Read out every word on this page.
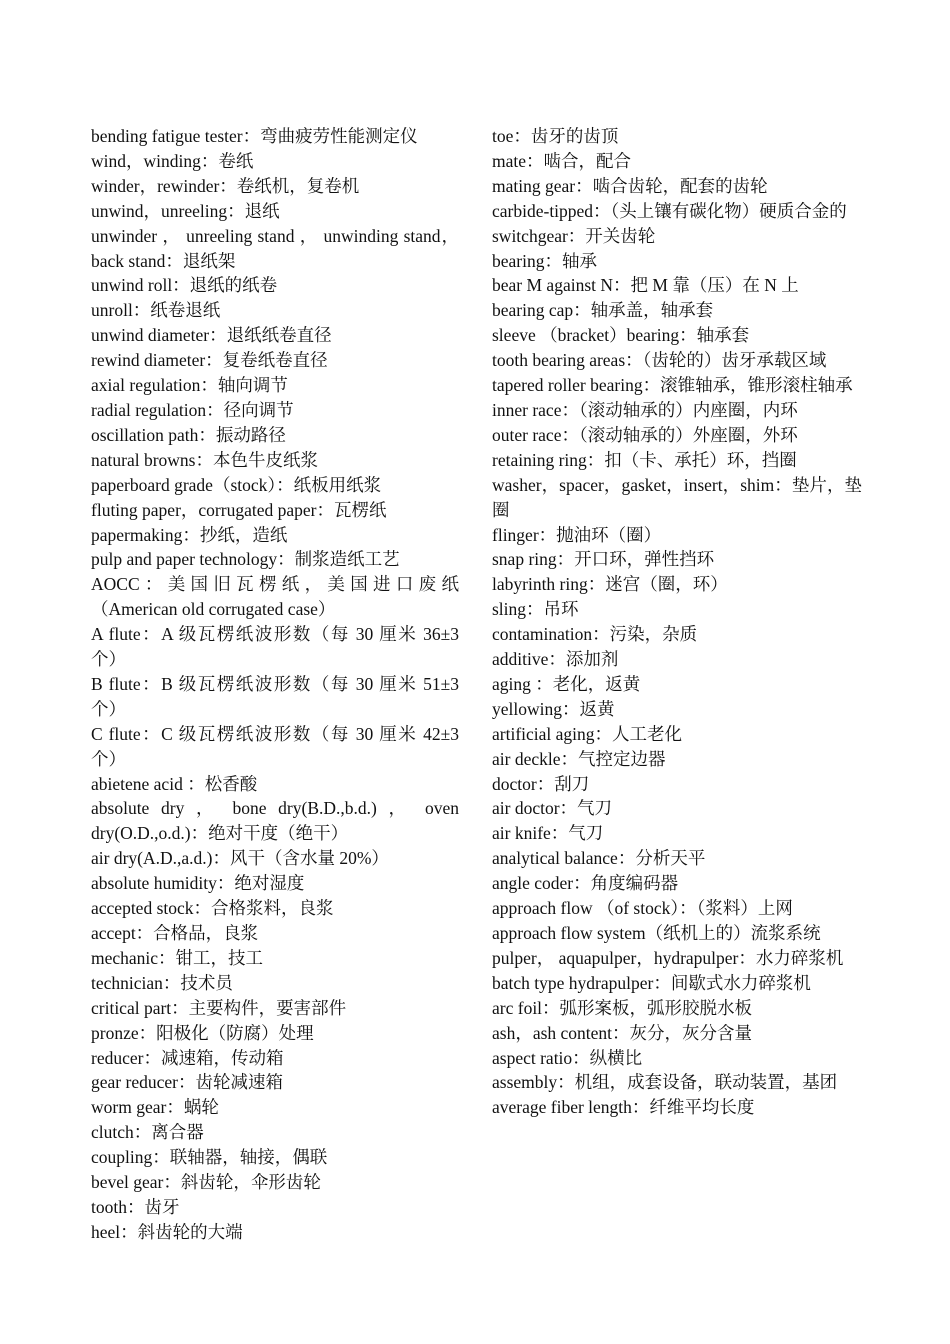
bending fatigue tester：弯曲疲劳性能测定仪

wind，winding：卷纸

winder，rewinder：卷纸机，复卷机

unwind，unreeling：退纸

unwinder ， unreeling stand ， unwinding stand，back stand：退纸架

unwind roll：退纸的纸卷

unroll：纸卷退纸

unwind diameter：退纸纸卷直径

rewind diameter：复卷纸卷直径

axial regulation：轴向调节

radial regulation：径向调节

oscillation path：振动路径

natural browns：本色牛皮纸浆

paperboard grade（stock）：纸板用纸浆

fluting paper，corrugated paper：瓦楞纸

papermaking：抄纸，造纸

pulp and paper technology：制浆造纸工艺

AOCC：美国旧瓦楞纸，美国进口废纸（American old corrugated case）

A flute：A 级瓦楞纸波形数（每 30 厘米 36±3 个）

B flute：B 级瓦楞纸波形数（每 30 厘米 51±3 个）

C flute：C 级瓦楞纸波形数（每 30 厘米 42±3 个）

abietene acid ：松香酸

absolute dry ， bone dry(B.D.,b.d.) ， oven dry(O.D.,o.d.)：绝对干度（绝干）

air dry(A.D.,a.d.)：风干（含水量 20%）

absolute humidity：绝对湿度

accepted stock：合格浆料，良浆

accept：合格品，良浆

mechanic：钳工，技工

technician：技术员

critical part：主要构件，要害部件

pronze：阳极化（防腐）处理

reducer：减速箱，传动箱

gear reducer：齿轮减速箱

worm gear：蜗轮

clutch：离合器

coupling：联轴器，轴接，偶联

bevel gear：斜齿轮，伞形齿轮

tooth：齿牙

heel：斜齿轮的大端

toe：齿牙的齿顶

mate：啮合，配合

mating gear：啮合齿轮，配套的齿轮

carbide-tipped：（头上镶有碳化物）硬质合金的

switchgear：开关齿轮

bearing：轴承

bear M against N：把 M 靠（压）在 N 上

bearing cap：轴承盖，轴承套

sleeve （bracket）bearing：轴承套

tooth bearing areas：（齿轮的）齿牙承载区域

tapered roller bearing：滚锥轴承，锥形滚柱轴承

inner race：（滚动轴承的）内座圈，内环

outer race：（滚动轴承的）外座圈，外环

retaining ring：扣（卡、承托）环，挡圈

washer，spacer，gasket，insert，shim：垫片，垫圈

flinger：抛油环（圈）

snap ring：开口环，弹性挡环

labyrinth ring：迷宫（圈，环）

sling：吊环

contamination：污染，杂质

additive：添加剂

aging ：老化，返黄

yellowing：返黄

artificial aging：人工老化

air deckle：气控定边器

doctor：刮刀

air doctor：气刀

air knife：气刀

analytical balance：分析天平

angle coder：角度编码器

approach flow （of stock）：（浆料）上网

approach flow system（纸机上的）流浆系统

pulper， aquapulper，hydrapulper：水力碎浆机

batch type hydrapulper：间歇式水力碎浆机

arc foil：弧形案板，弧形胶脱水板

ash，ash content：灰分，灰分含量

aspect ratio：纵横比

assembly：机组，成套设备，联动装置，基团

average fiber length：纤维平均长度
